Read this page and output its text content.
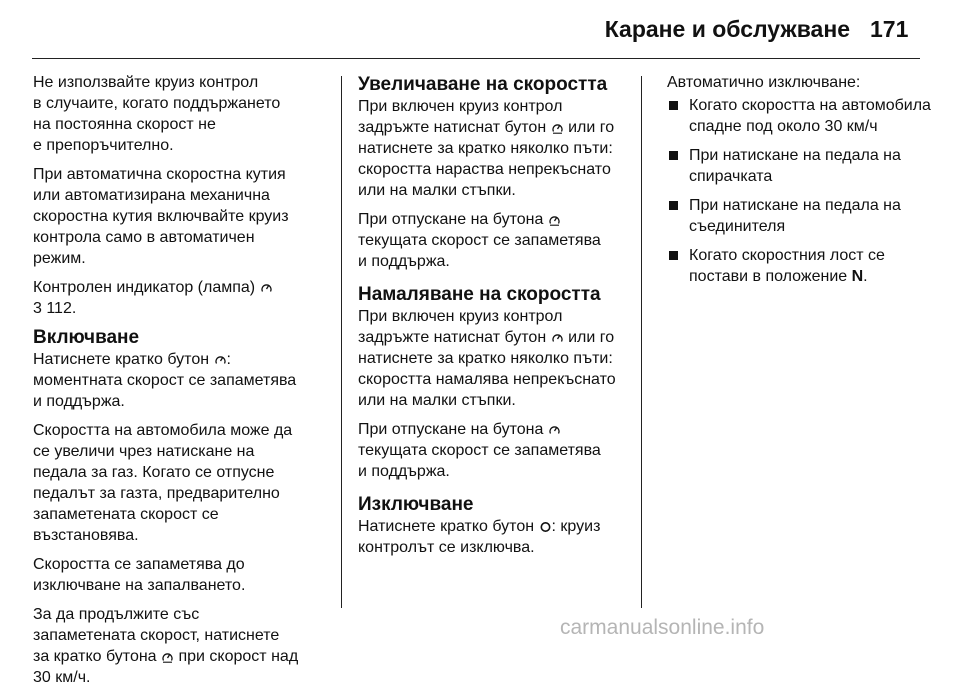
Каране и обслужване 171
Не използвайте круиз контрол
в случаите, когато поддържането
на постоянна скорост не
е препоръчително.
При автоматична скоростна кутия
или автоматизирана механична
скоростна кутия включвайте круиз
контрола само в автоматичен
режим.
Контролен индикатор (лампа)
3 112.
Включване
Натиснете кратко бутон :
моментната скорост се запаметява
и поддържа.
Скоростта на автомобила може да
се увеличи чрез натискане на
педала за газ. Когато се отпусне
педалът за газта, предварително
запаметената скорост се
възстановява.
Скоростта се запаметява до
изключване на запалването.
За да продължите със
запаметената скорост, натиснете
за кратко бутона при скорост над
30 км/ч.
Увеличаване на скоростта
При включен круиз контрол
задръжте натиснат бутон или го
натиснете за кратко няколко пъти:
скоростта нараства непрекъснато
или на малки стъпки.
При отпускане на бутона
текущата скорост се запаметява
и поддържа.
Намаляване на скоростта
При включен круиз контрол
задръжте натиснат бутон или го
натиснете за кратко няколко пъти:
скоростта намалява непрекъснато
или на малки стъпки.
При отпускане на бутона
текущата скорост се запаметява
и поддържа.
Изключване
Натиснете кратко бутон : круиз
контролът се изключва.
Автоматично изключване:
Когато скоростта на автомобила
спадне под около 30 км/ч
При натискане на педала на
спирачката
При натискане на педала на
съединителя
Когато скоростния лост се
постави в положение N.
carmanualsonline.info
